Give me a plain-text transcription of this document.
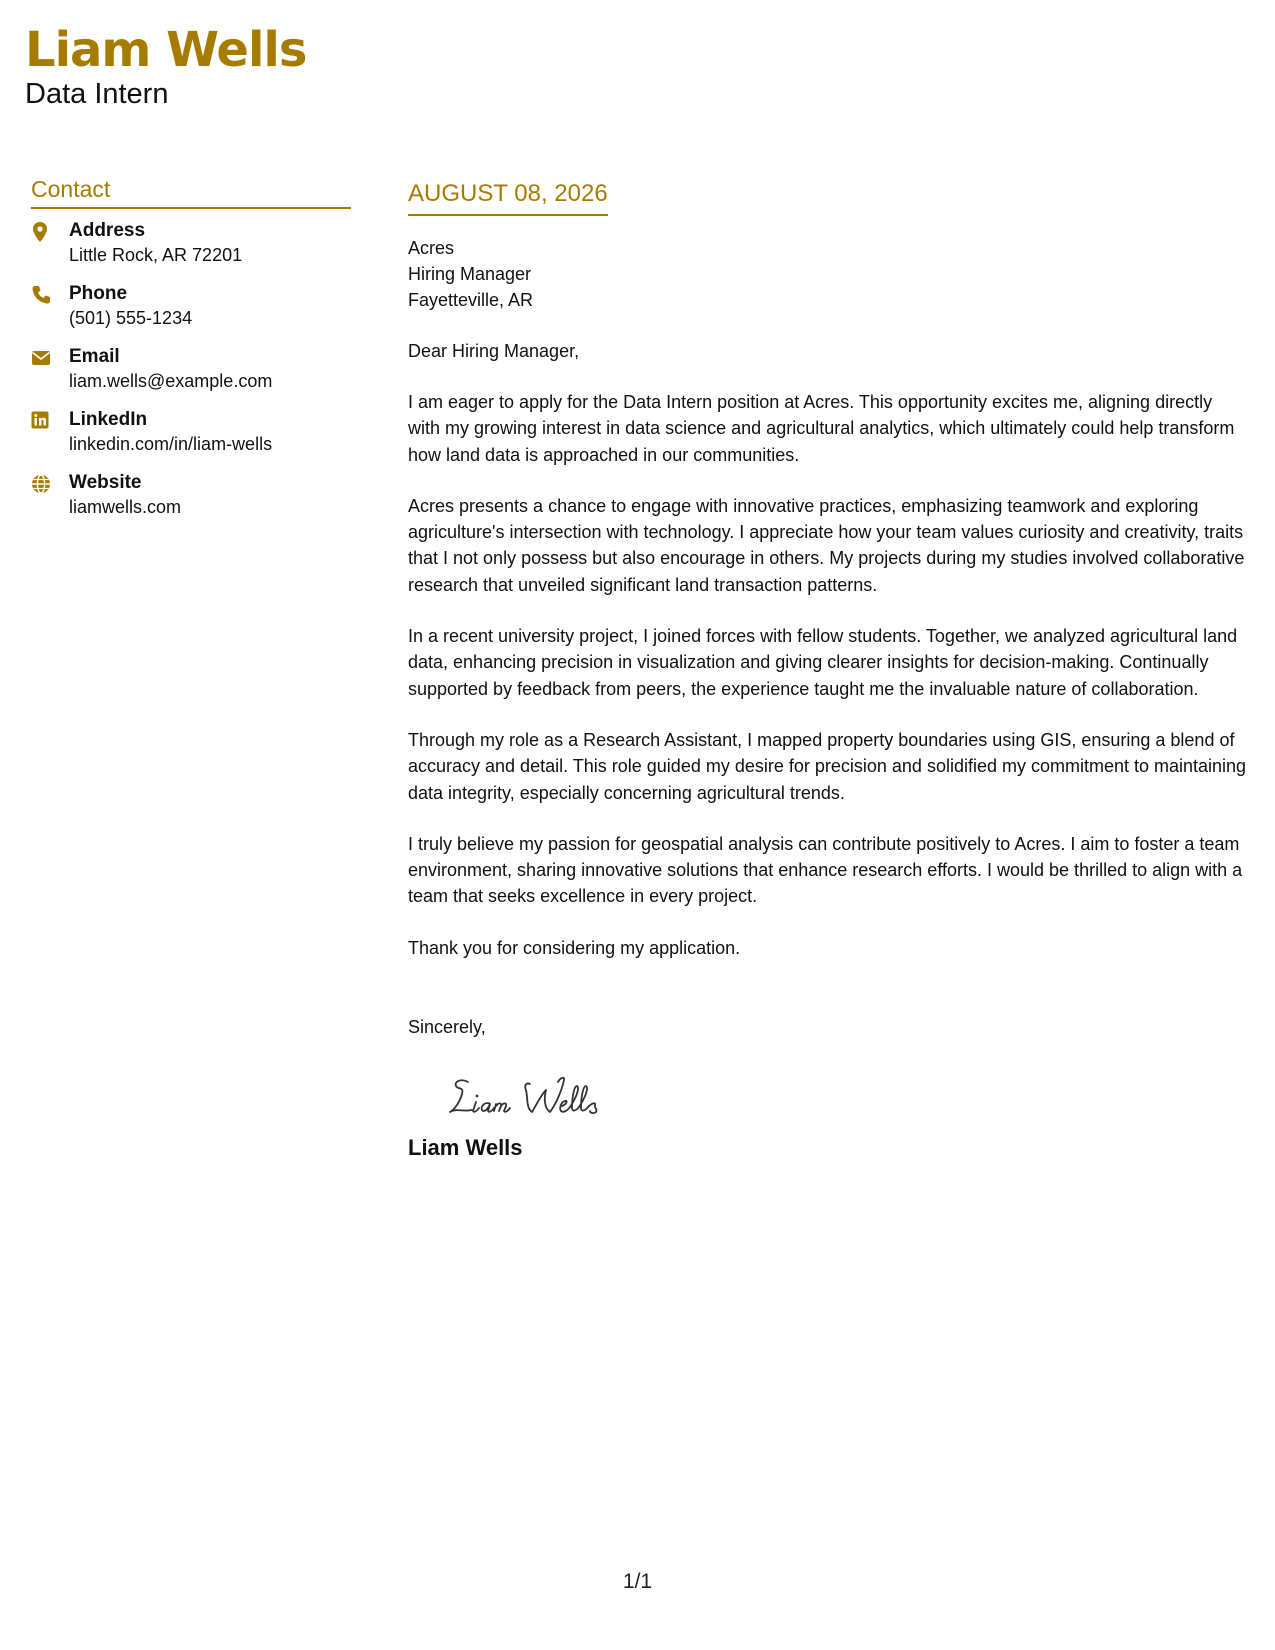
Liam Wells
Data Intern
Contact
Address
Little Rock, AR 72201
Phone
(501) 555-1234
Email
liam.wells@example.com
LinkedIn
linkedin.com/in/liam-wells
Website
liamwells.com
AUGUST 08, 2026
Acres
Hiring Manager
Fayetteville, AR
Dear Hiring Manager,
I am eager to apply for the Data Intern position at Acres. This opportunity excites me, aligning directly with my growing interest in data science and agricultural analytics, which ultimately could help transform how land data is approached in our communities.
Acres presents a chance to engage with innovative practices, emphasizing teamwork and exploring agriculture's intersection with technology. I appreciate how your team values curiosity and creativity, traits that I not only possess but also encourage in others. My projects during my studies involved collaborative research that unveiled significant land transaction patterns.
In a recent university project, I joined forces with fellow students. Together, we analyzed agricultural land data, enhancing precision in visualization and giving clearer insights for decision-making. Continually supported by feedback from peers, the experience taught me the invaluable nature of collaboration.
Through my role as a Research Assistant, I mapped property boundaries using GIS, ensuring a blend of accuracy and detail. This role guided my desire for precision and solidified my commitment to maintaining data integrity, especially concerning agricultural trends.
I truly believe my passion for geospatial analysis can contribute positively to Acres. I aim to foster a team environment, sharing innovative solutions that enhance research efforts. I would be thrilled to align with a team that seeks excellence in every project.
Thank you for considering my application.
Sincerely,
Liam Wells
1/1
